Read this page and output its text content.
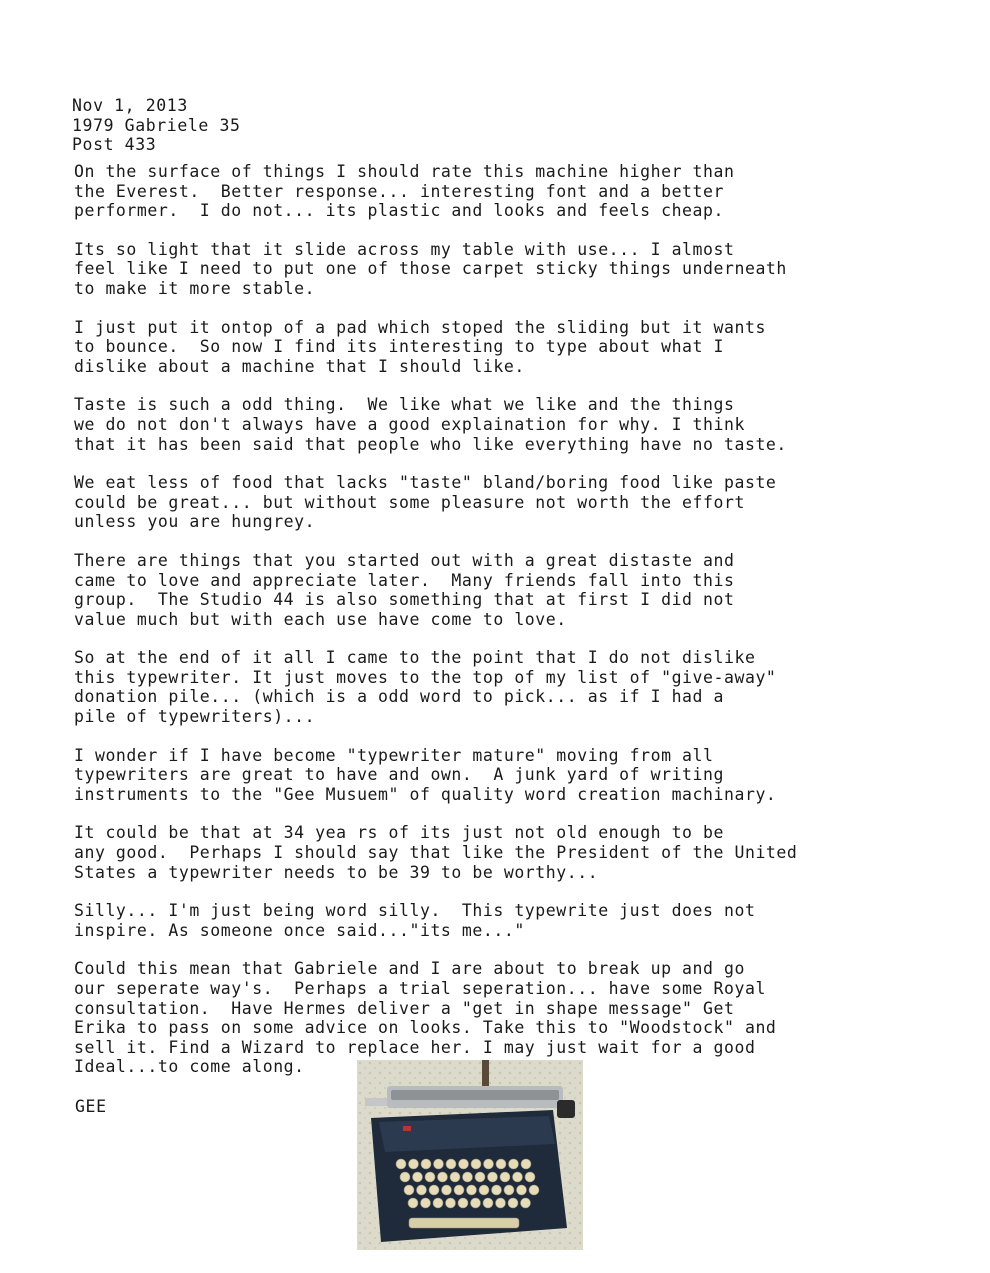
Nov 1, 2013
1979 Gabriele 35
Post 433
On the surface of things I should rate this machine higher than
the Everest.  Better response... interesting font and a better
performer.  I do not... its plastic and looks and feels cheap.
Its so light that it slide across my table with use... I almost
feel like I need to put one of those carpet sticky things underneath
to make it more stable.
I just put it ontop of a pad which stoped the sliding but it wants
to bounce.  So now I find its interesting to type about what I
dislike about a machine that I should like.
Taste is such a odd thing.  We like what we like and the things
we do not don't always have a good explaination for why. I think
that it has been said that people who like everything have no taste.
We eat less of food that lacks "taste" bland/boring food like paste
could be great... but without some pleasure not worth the effort
unless you are hungrey.
There are things that you started out with a great distaste and
came to love and appreciate later.  Many friends fall into this
group.  The Studio 44 is also something that at first I did not
value much but with each use have come to love.
So at the end of it all I came to the point that I do not dislike
this typewriter. It just moves to the top of my list of "give-away"
donation pile... (which is a odd word to pick... as if I had a
pile of typewriters)...
I wonder if I have become "typewriter mature" moving from all
typewriters are great to have and own.  A junk yard of writing
instruments to the "Gee Musuem" of quality word creation machinary.
It could be that at 34 yea rs of its just not old enough to be
any good.  Perhaps I should say that like the President of the United
States a typewriter needs to be 39 to be worthy...
Silly... I'm just being word silly.  This typewrite just does not
inspire. As someone once said..."its me..."
Could this mean that Gabriele and I are about to break up and go
our seperate way's.  Perhaps a trial seperation... have some Royal
consultation.  Have Hermes deliver a "get in shape message" Get
Erika to pass on some advice on looks. Take this to "Woodstock" and
sell it. Find a Wizard to replace her. I may just wait for a good
Ideal...to come along.
GEE
